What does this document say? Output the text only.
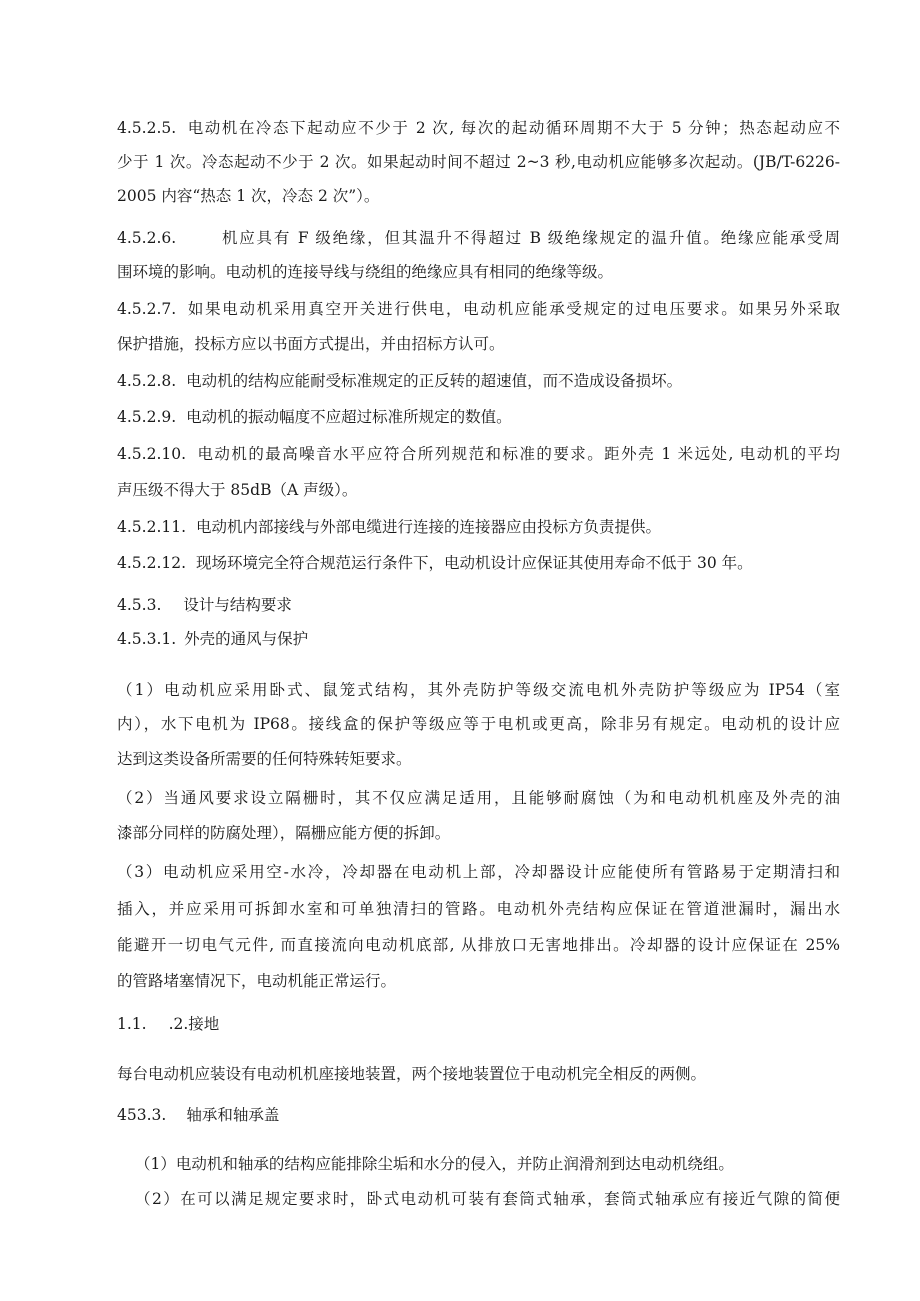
4.5.2.5. 电动机在冷态下起动应不少于 2 次, 每次的起动循环周期不大于 5 分钟；热态起动应不
少于 1 次。冷态起动不少于 2 次。如果起动时间不超过 2~3 秒,电动机应能够多次起动。(JB/T-6226-
2005 内容“热态 1 次，冷态 2 次”）。
4.5.2.6.	机应具有 F 级绝缘，但其温升不得超过 B 级绝缘规定的温升值。绝缘应能承受周
围环境的影响。电动机的连接导线与绕组的绝缘应具有相同的绝缘等级。
4.5.2.7. 如果电动机采用真空开关进行供电，电动机应能承受规定的过电压要求。如果另外采取
保护措施，投标方应以书面方式提出，并由招标方认可。
4.5.2.8. 电动机的结构应能耐受标准规定的正反转的超速值，而不造成设备损坏。
4.5.2.9. 电动机的振动幅度不应超过标准所规定的数值。
4.5.2.10. 电动机的最高噪音水平应符合所列规范和标准的要求。距外壳 1 米远处, 电动机的平均
声压级不得大于 85dB（A 声级）。
4.5.2.11. 电动机内部接线与外部电缆进行连接的连接器应由投标方负责提供。
4.5.2.12. 现场环境完全符合规范运行条件下，电动机设计应保证其使用寿命不低于 30 年。
4.5.3. 设计与结构要求
4.5.3.1. 外壳的通风与保护
（1）电动机应采用卧式、鼠笼式结构，其外壳防护等级交流电机外壳防护等级应为 IP54（室
内），水下电机为 IP68。接线盒的保护等级应等于电机或更高，除非另有规定。电动机的设计应
达到这类设备所需要的任何特殊转矩要求。
（2）当通风要求设立隔栅时，其不仅应满足适用，且能够耐腐蚀（为和电动机机座及外壳的油
漆部分同样的防腐处理），隔栅应能方便的拆卸。
（3）电动机应采用空-水冷，冷却器在电动机上部，冷却器设计应能使所有管路易于定期清扫和
插入，并应采用可拆卸水室和可单独清扫的管路。电动机外壳结构应保证在管道泄漏时，漏出水
能避开一切电气元件, 而直接流向电动机底部, 从排放口无害地排出。冷却器的设计应保证在 25%
的管路堵塞情况下，电动机能正常运行。
1.1. .2.接地
每台电动机应装设有电动机机座接地装置，两个接地装置位于电动机完全相反的两侧。
453.3. 轴承和轴承盖
（1）电动机和轴承的结构应能排除尘垢和水分的侵入，并防止润滑剂到达电动机绕组。
（2）在可以满足规定要求时，卧式电动机可装有套筒式轴承，套筒式轴承应有接近气隙的简便
